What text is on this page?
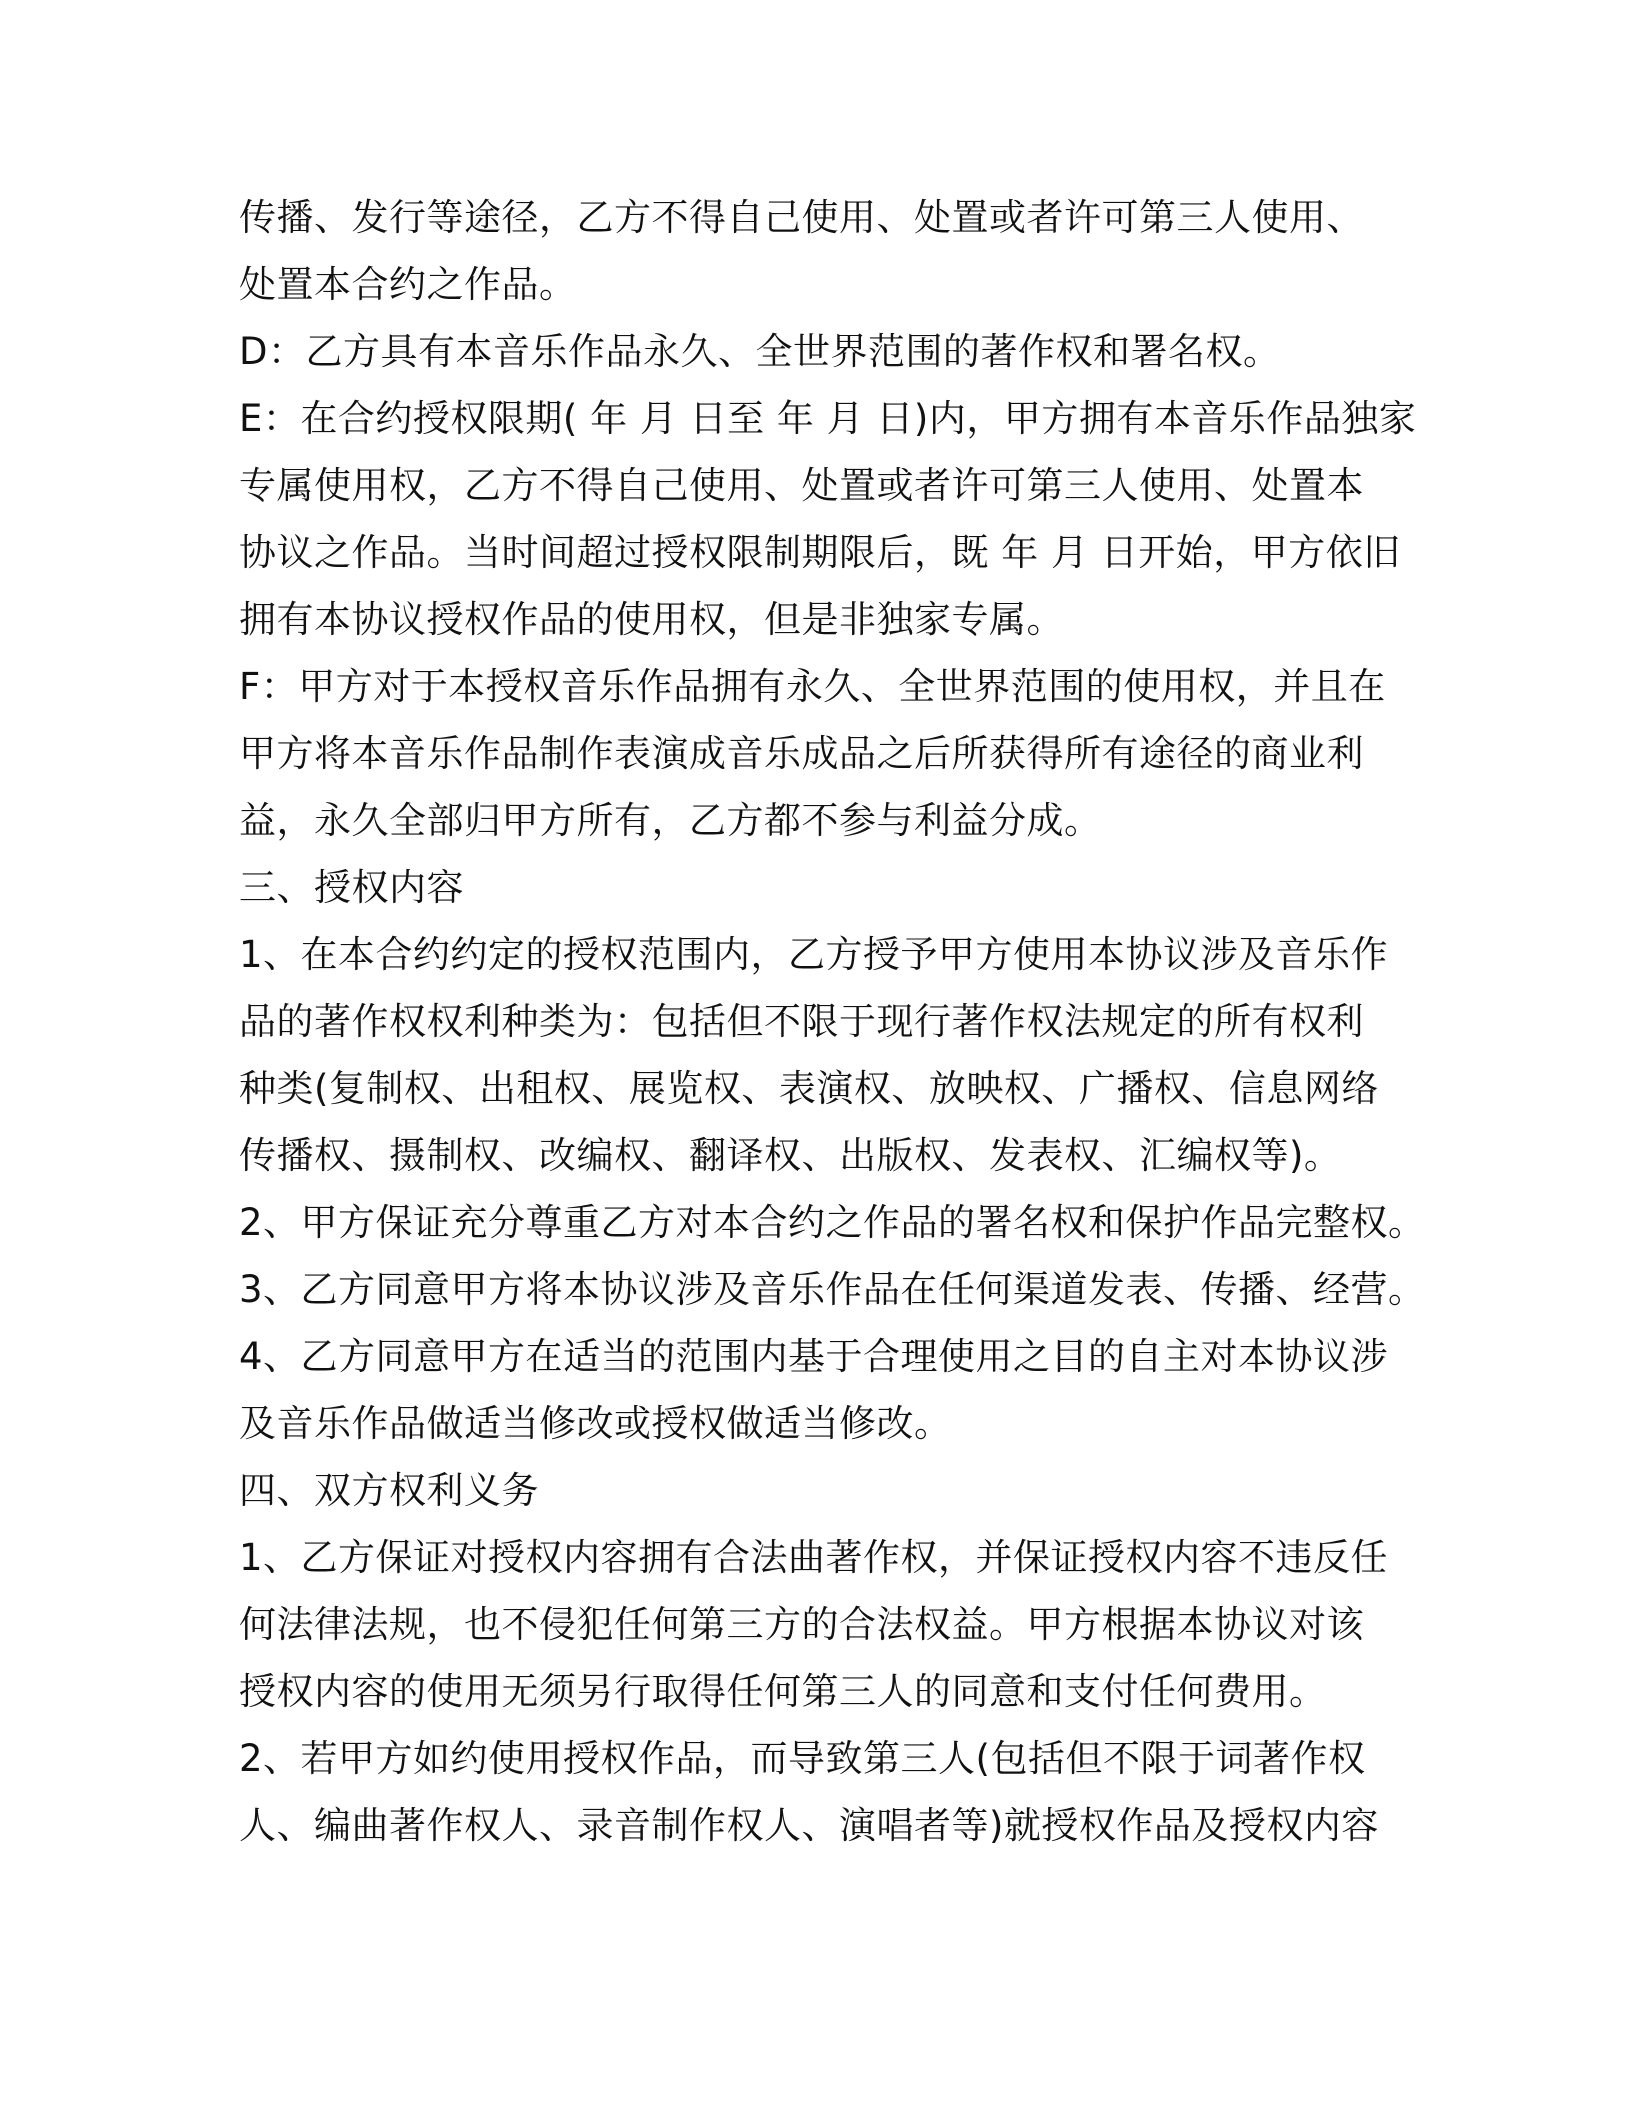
传播、发行等途径，乙方不得自己使用、处置或者许可第三人使用、
处置本合约之作品。
D：乙方具有本音乐作品永久、全世界范围的著作权和署名权。
E：在合约授权限期( 年 月 日至 年 月 日)内，甲方拥有本音乐作品独家
专属使用权，乙方不得自己使用、处置或者许可第三人使用、处置本
协议之作品。当时间超过授权限制期限后，既 年 月 日开始，甲方依旧
拥有本协议授权作品的使用权，但是非独家专属。
F：甲方对于本授权音乐作品拥有永久、全世界范围的使用权，并且在
甲方将本音乐作品制作表演成音乐成品之后所获得所有途径的商业利
益，永久全部归甲方所有，乙方都不参与利益分成。
三、授权内容
1、在本合约约定的授权范围内，乙方授予甲方使用本协议涉及音乐作
品的著作权权利种类为：包括但不限于现行著作权法规定的所有权利
种类(复制权、出租权、展览权、表演权、放映权、广播权、信息网络
传播权、摄制权、改编权、翻译权、出版权、发表权、汇编权等)。
2、甲方保证充分尊重乙方对本合约之作品的署名权和保护作品完整权。
3、乙方同意甲方将本协议涉及音乐作品在任何渠道发表、传播、经营。
4、乙方同意甲方在适当的范围内基于合理使用之目的自主对本协议涉
及音乐作品做适当修改或授权做适当修改。
四、双方权利义务
1、乙方保证对授权内容拥有合法曲著作权，并保证授权内容不违反任
何法律法规，也不侵犯任何第三方的合法权益。甲方根据本协议对该
授权内容的使用无须另行取得任何第三人的同意和支付任何费用。
2、若甲方如约使用授权作品，而导致第三人(包括但不限于词著作权
人、编曲著作权人、录音制作权人、演唱者等)就授权作品及授权内容
